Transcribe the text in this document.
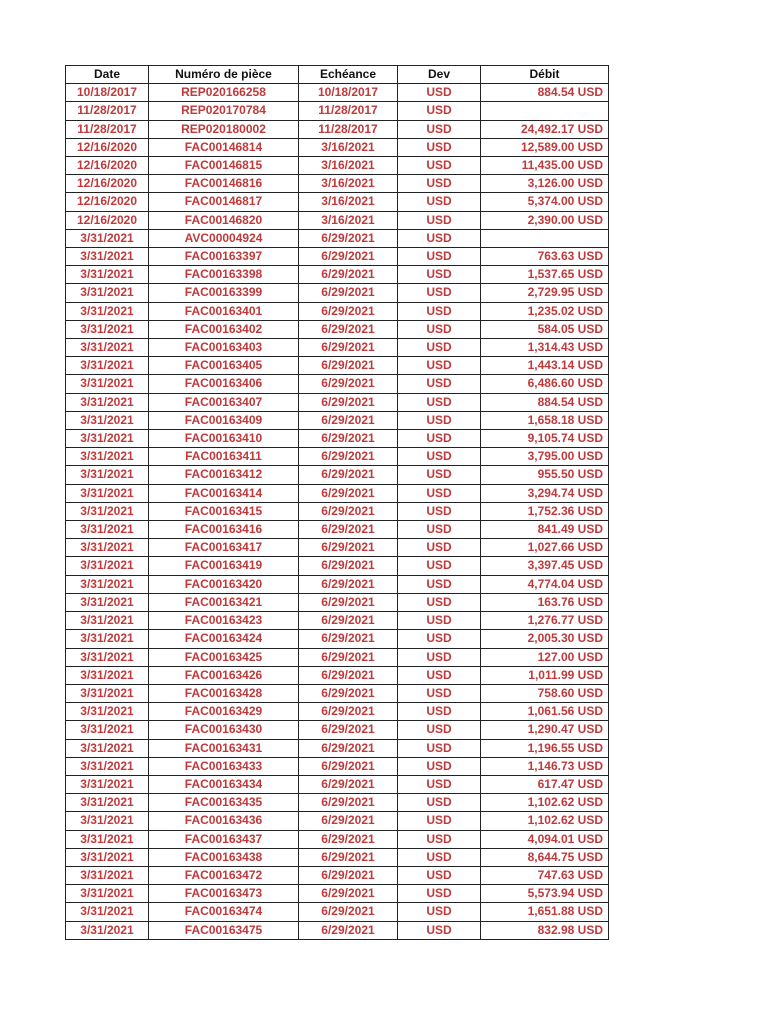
Date	Numéro de pièce	Echéance	Dev	Débit
10/18/2017	REP020166258	10/18/2017	USD	884.54 USD
11/28/2017	REP020170784	11/28/2017	USD	
11/28/2017	REP020180002	11/28/2017	USD	24,492.17 USD
12/16/2020	FAC00146814	3/16/2021	USD	12,589.00 USD
12/16/2020	FAC00146815	3/16/2021	USD	11,435.00 USD
12/16/2020	FAC00146816	3/16/2021	USD	3,126.00 USD
12/16/2020	FAC00146817	3/16/2021	USD	5,374.00 USD
12/16/2020	FAC00146820	3/16/2021	USD	2,390.00 USD
3/31/2021	AVC00004924	6/29/2021	USD	
3/31/2021	FAC00163397	6/29/2021	USD	763.63 USD
3/31/2021	FAC00163398	6/29/2021	USD	1,537.65 USD
3/31/2021	FAC00163399	6/29/2021	USD	2,729.95 USD
3/31/2021	FAC00163401	6/29/2021	USD	1,235.02 USD
3/31/2021	FAC00163402	6/29/2021	USD	584.05 USD
3/31/2021	FAC00163403	6/29/2021	USD	1,314.43 USD
3/31/2021	FAC00163405	6/29/2021	USD	1,443.14 USD
3/31/2021	FAC00163406	6/29/2021	USD	6,486.60 USD
3/31/2021	FAC00163407	6/29/2021	USD	884.54 USD
3/31/2021	FAC00163409	6/29/2021	USD	1,658.18 USD
3/31/2021	FAC00163410	6/29/2021	USD	9,105.74 USD
3/31/2021	FAC00163411	6/29/2021	USD	3,795.00 USD
3/31/2021	FAC00163412	6/29/2021	USD	955.50 USD
3/31/2021	FAC00163414	6/29/2021	USD	3,294.74 USD
3/31/2021	FAC00163415	6/29/2021	USD	1,752.36 USD
3/31/2021	FAC00163416	6/29/2021	USD	841.49 USD
3/31/2021	FAC00163417	6/29/2021	USD	1,027.66 USD
3/31/2021	FAC00163419	6/29/2021	USD	3,397.45 USD
3/31/2021	FAC00163420	6/29/2021	USD	4,774.04 USD
3/31/2021	FAC00163421	6/29/2021	USD	163.76 USD
3/31/2021	FAC00163423	6/29/2021	USD	1,276.77 USD
3/31/2021	FAC00163424	6/29/2021	USD	2,005.30 USD
3/31/2021	FAC00163425	6/29/2021	USD	127.00 USD
3/31/2021	FAC00163426	6/29/2021	USD	1,011.99 USD
3/31/2021	FAC00163428	6/29/2021	USD	758.60 USD
3/31/2021	FAC00163429	6/29/2021	USD	1,061.56 USD
3/31/2021	FAC00163430	6/29/2021	USD	1,290.47 USD
3/31/2021	FAC00163431	6/29/2021	USD	1,196.55 USD
3/31/2021	FAC00163433	6/29/2021	USD	1,146.73 USD
3/31/2021	FAC00163434	6/29/2021	USD	617.47 USD
3/31/2021	FAC00163435	6/29/2021	USD	1,102.62 USD
3/31/2021	FAC00163436	6/29/2021	USD	1,102.62 USD
3/31/2021	FAC00163437	6/29/2021	USD	4,094.01 USD
3/31/2021	FAC00163438	6/29/2021	USD	8,644.75 USD
3/31/2021	FAC00163472	6/29/2021	USD	747.63 USD
3/31/2021	FAC00163473	6/29/2021	USD	5,573.94 USD
3/31/2021	FAC00163474	6/29/2021	USD	1,651.88 USD
3/31/2021	FAC00163475	6/29/2021	USD	832.98 USD
